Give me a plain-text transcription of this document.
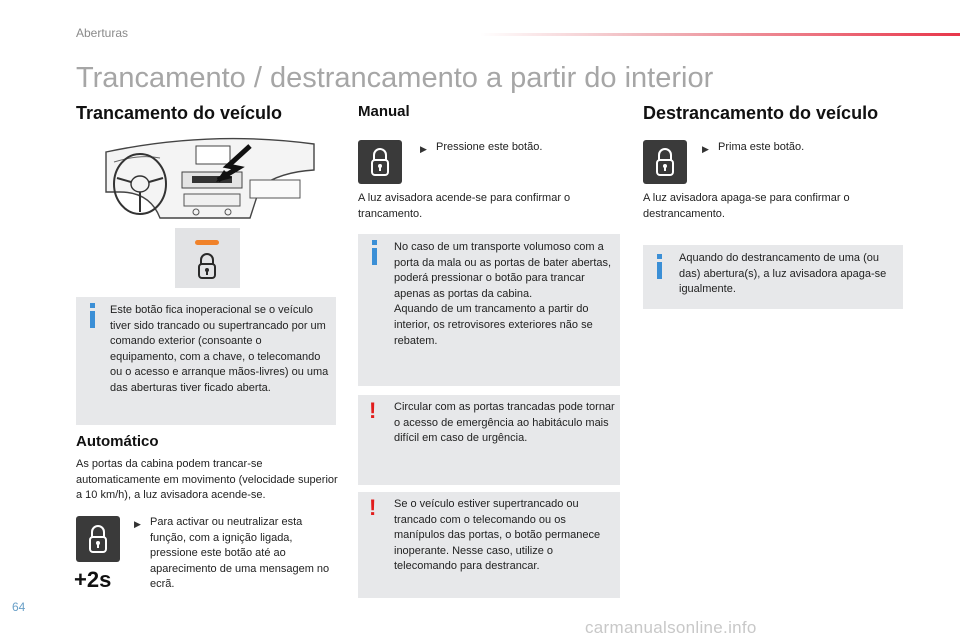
Aberturas
Trancamento / destrancamento a partir do interior
Trancamento do veículo
Este botão fica inoperacional se o veículo tiver sido trancado ou supertrancado por um comando exterior (consoante o equipamento, com a chave, o telecomando ou o acesso e arranque mãos-livres) ou uma das aberturas tiver ficado aberta.
Automático
As portas da cabina podem trancar-se automaticamente em movimento (velocidade superior a 10 km/h), a luz avisadora acende-se.
+2s
▶ Para activar ou neutralizar esta função, com a ignição ligada, pressione este botão até ao aparecimento de uma mensagem no ecrã.
Manual
▶ Pressione este botão.
A luz avisadora acende-se para confirmar o trancamento.
No caso de um transporte volumoso com a porta da mala ou as portas de bater abertas, poderá pressionar o botão para trancar apenas as portas da cabina.
Aquando de um trancamento a partir do interior, os retrovisores exteriores não se rebatem.
! Circular com as portas trancadas pode tornar o acesso de emergência ao habitáculo mais difícil em caso de urgência.
! Se o veículo estiver supertrancado ou trancado com o telecomando ou os manípulos das portas, o botão permanece inoperante. Nesse caso, utilize o telecomando para destrancar.
Destrancamento do veículo
▶ Prima este botão.
A luz avisadora apaga-se para confirmar o destrancamento.
Aquando do destrancamento de uma (ou das) abertura(s), a luz avisadora apaga-se igualmente.
64
carmanualsonline.info
